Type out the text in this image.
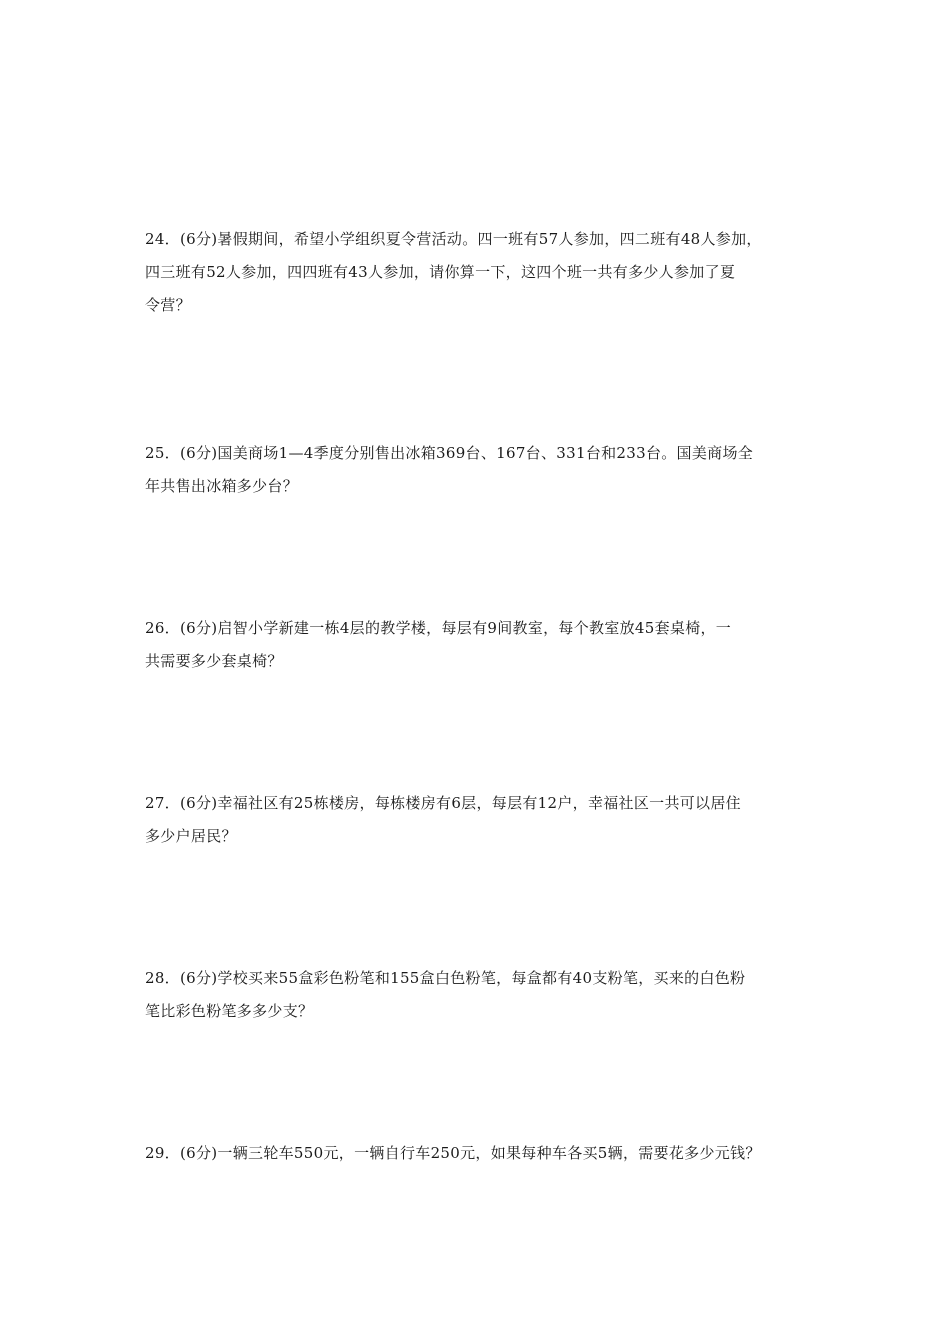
24．(6分)暑假期间，希望小学组织夏令营活动。四一班有57人参加，四二班有48人参加，
四三班有52人参加，四四班有43人参加，请你算一下，这四个班一共有多少人参加了夏
令营？
25．(6分)国美商场1—4季度分别售出冰箱369台、167台、331台和233台。国美商场全
年共售出冰箱多少台？
26．(6分)启智小学新建一栋4层的教学楼，每层有9间教室，每个教室放45套桌椅，一
共需要多少套桌椅？
27．(6分)幸福社区有25栋楼房，每栋楼房有6层，每层有12户，幸福社区一共可以居住
多少户居民？
28．(6分)学校买来55盒彩色粉笔和155盒白色粉笔，每盒都有40支粉笔，买来的白色粉
笔比彩色粉笔多多少支？
29．(6分)一辆三轮车550元，一辆自行车250元，如果每种车各买5辆，需要花多少元钱？
